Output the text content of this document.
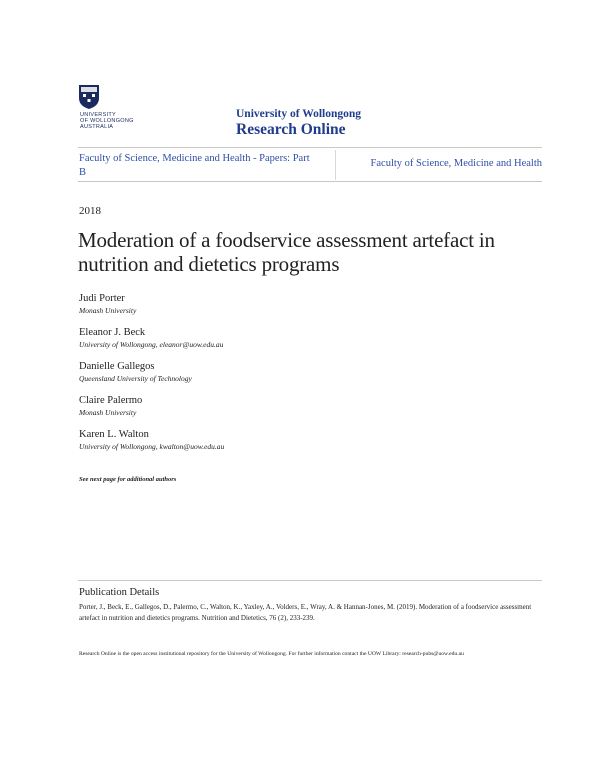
UNIVERSITY
OF WOLLONGONG
AUSTRALIA
University of Wollongong
Research Online
Faculty of Science, Medicine and Health - Papers: Part B
Faculty of Science, Medicine and Health
2018
Moderation of a foodservice assessment artefact in nutrition and dietetics programs
Judi Porter
Monash University
Eleanor J. Beck
University of Wollongong, eleanor@uow.edu.au
Danielle Gallegos
Queensland University of Technology
Claire Palermo
Monash University
Karen L. Walton
University of Wollongong, kwalton@uow.edu.au
See next page for additional authors
Publication Details
Porter, J., Beck, E., Gallegos, D., Palermo, C., Walton, K., Yaxley, A., Volders, E., Wray, A. & Hannan-Jones, M. (2019). Moderation of a foodservice assessment artefact in nutrition and dietetics programs. Nutrition and Dietetics, 76 (2), 233-239.
Research Online is the open access institutional repository for the University of Wollongong. For further information contact the UOW Library: research-pubs@uow.edu.au
